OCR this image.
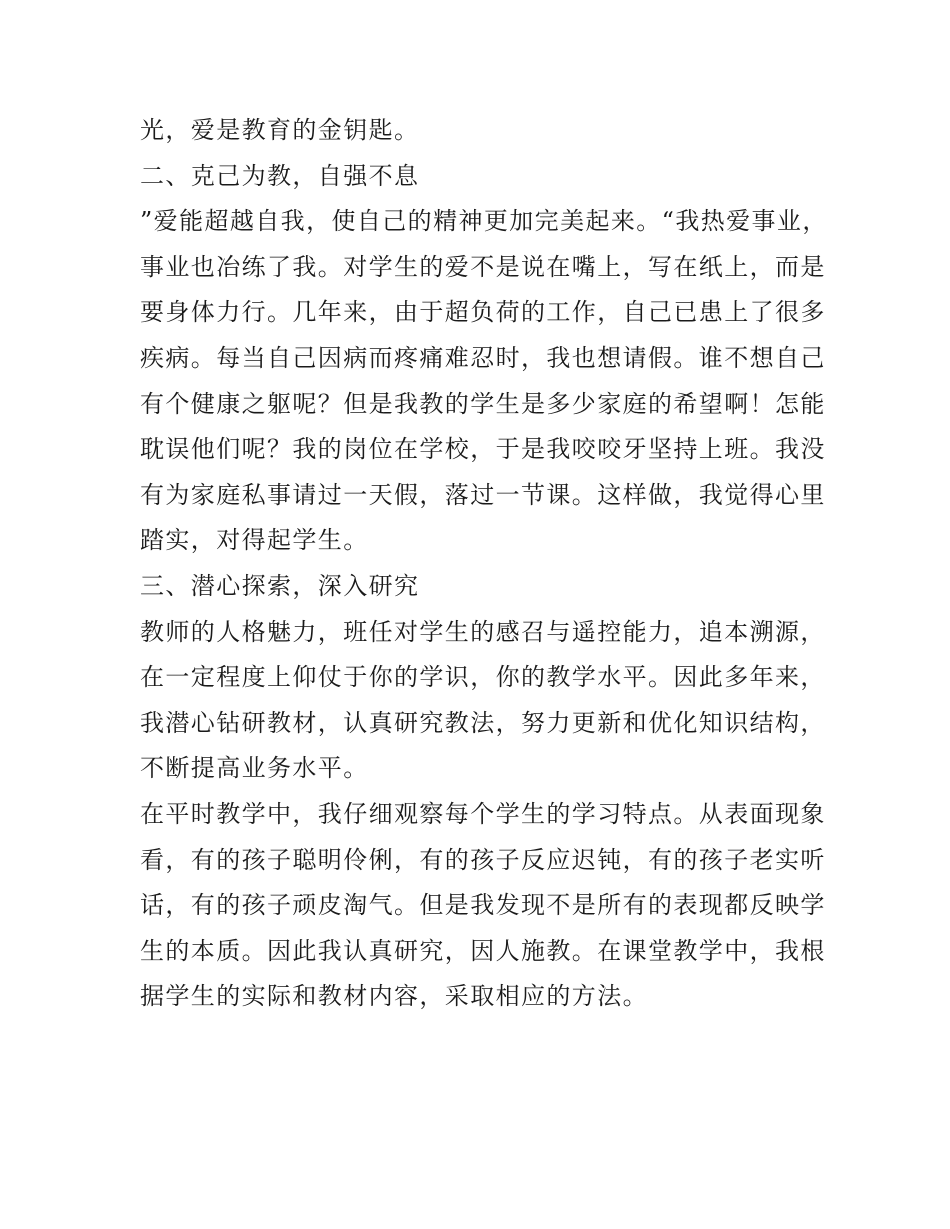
光，爱是教育的金钥匙。
二、克己为教，自强不息
”爱能超越自我，使自己的精神更加完美起来。“我热爱事业，
事业也冶练了我。对学生的爱不是说在嘴上，写在纸上，而是
要身体力行。几年来，由于超负荷的工作，自己已患上了很多
疾病。每当自己因病而疼痛难忍时，我也想请假。谁不想自己
有个健康之躯呢？但是我教的学生是多少家庭的希望啊！怎能
耽误他们呢？我的岗位在学校，于是我咬咬牙坚持上班。我没
有为家庭私事请过一天假，落过一节课。这样做，我觉得心里
踏实，对得起学生。
三、潜心探索，深入研究
教师的人格魅力，班任对学生的感召与遥控能力，追本溯源，
在一定程度上仰仗于你的学识，你的教学水平。因此多年来，
我潜心钻研教材，认真研究教法，努力更新和优化知识结构，
不断提高业务水平。
在平时教学中，我仔细观察每个学生的学习特点。从表面现象
看，有的孩子聪明伶俐，有的孩子反应迟钝，有的孩子老实听
话，有的孩子顽皮淘气。但是我发现不是所有的表现都反映学
生的本质。因此我认真研究，因人施教。在课堂教学中，我根
据学生的实际和教材内容，采取相应的方法。
